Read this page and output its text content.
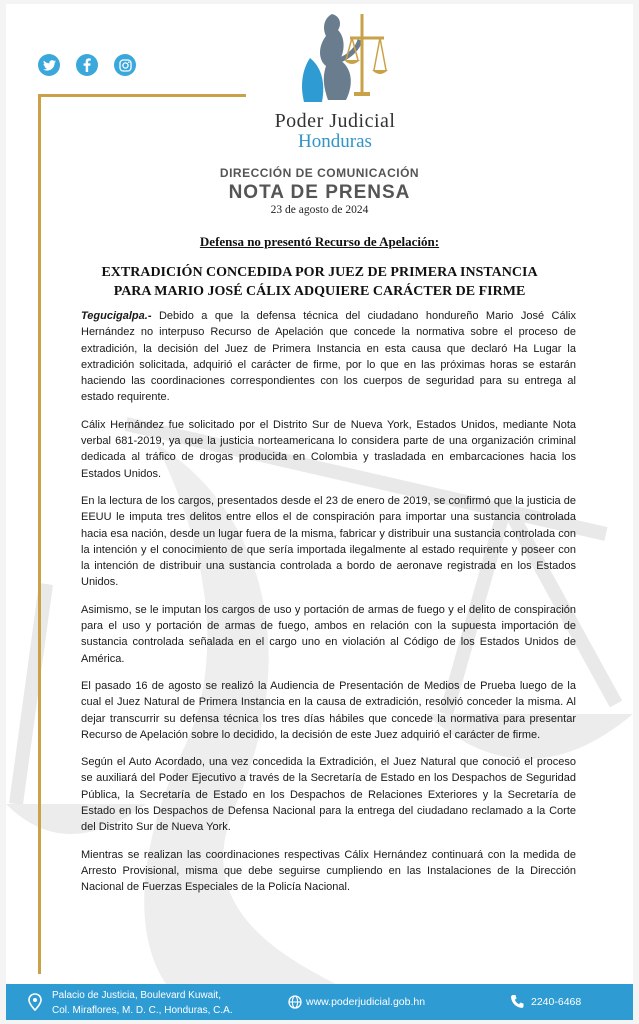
Poder Judicial
Honduras
DIRECCIÓN DE COMUNICACIÓN
NOTA DE PRENSA
23 de agosto de 2024
Defensa no presentó Recurso de Apelación:
EXTRADICIÓN CONCEDIDA POR JUEZ DE PRIMERA INSTANCIA
PARA MARIO JOSÉ CÁLIX ADQUIERE CARÁCTER DE FIRME

Tegucigalpa.- Debido a que la defensa técnica del ciudadano hondureño Mario José Cálix Hernández no interpuso Recurso de Apelación que concede la normativa sobre el proceso de extradición, la decisión del Juez de Primera Instancia en esta causa que declaró Ha Lugar la extradición solicitada, adquirió el carácter de firme, por lo que en las próximas horas se estarán haciendo las coordinaciones correspondientes con los cuerpos de seguridad para su entrega al estado requirente.

Cálix Hernández fue solicitado por el Distrito Sur de Nueva York, Estados Unidos, mediante Nota verbal 681-2019, ya que la justicia norteamericana lo considera parte de una organización criminal dedicada al tráfico de drogas producida en Colombia y trasladada en embarcaciones hacia los Estados Unidos.

En la lectura de los cargos, presentados desde el 23 de enero de 2019, se confirmó que la justicia de EEUU le imputa tres delitos entre ellos el de conspiración para importar una sustancia controlada hacia esa nación, desde un lugar fuera de la misma, fabricar y distribuir una sustancia controlada con la intención y el conocimiento de que sería importada ilegalmente al estado requirente y poseer con la intención de distribuir una sustancia controlada a bordo de aeronave registrada en los Estados Unidos.

Asimismo, se le imputan los cargos de uso y portación de armas de fuego y el delito de conspiración para el uso y portación de armas de fuego, ambos en relación con la supuesta importación de sustancia controlada señalada en el cargo uno en violación al Código de los Estados Unidos de América.

El pasado 16 de agosto se realizó la Audiencia de Presentación de Medios de Prueba luego de la cual el Juez Natural de Primera Instancia en la causa de extradición, resolvió conceder la misma. Al dejar transcurrir su defensa técnica los tres días hábiles que concede la normativa para presentar Recurso de Apelación sobre lo decidido, la decisión de este Juez adquirió el carácter de firme.

Según el Auto Acordado, una vez concedida la Extradición, el Juez Natural que conoció el proceso se auxiliará del Poder Ejecutivo a través de la Secretaría de Estado en los Despachos de Seguridad Pública, la Secretaría de Estado en los Despachos de Relaciones Exteriores y la Secretaría de Estado en los Despachos de Defensa Nacional para la entrega del ciudadano reclamado a la Corte del Distrito Sur de Nueva York.

Mientras se realizan las coordinaciones respectivas Cálix Hernández continuará con la medida de Arresto Provisional, misma que debe seguirse cumpliendo en las Instalaciones de la Dirección Nacional de Fuerzas Especiales de la Policía Nacional.

Palacio de Justicia, Boulevard Kuwait,
Col. Miraflores, M. D. C., Honduras, C.A.
www.poderjudicial.gob.hn	2240-6468
